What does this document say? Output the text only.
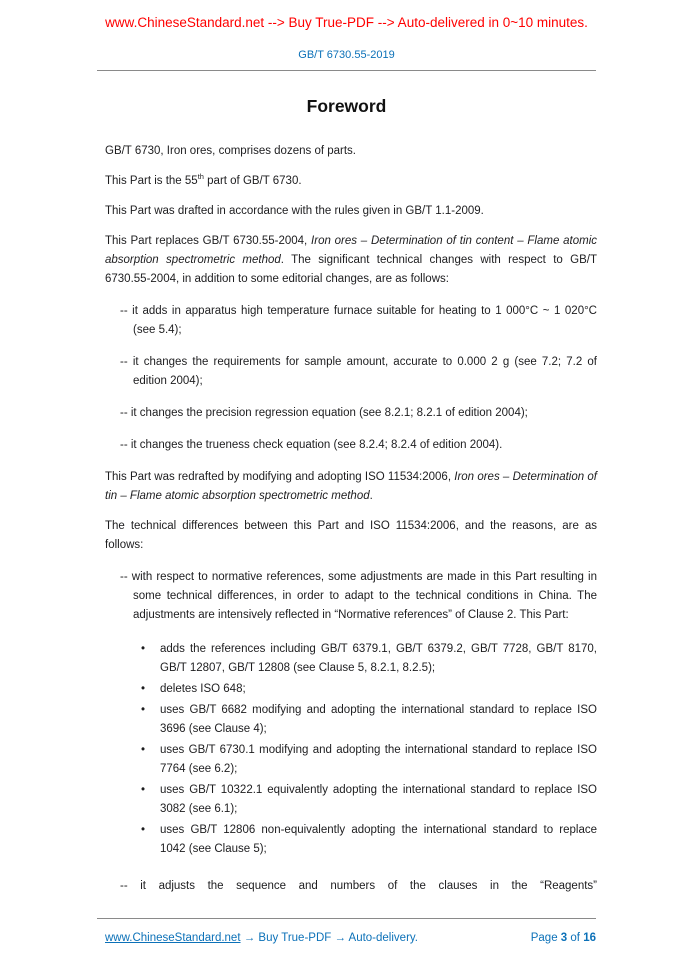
www.ChineseStandard.net --> Buy True-PDF --> Auto-delivered in 0~10 minutes.
GB/T 6730.55-2019
Foreword

GB/T 6730, Iron ores, comprises dozens of parts.

This Part is the 55th part of GB/T 6730.

This Part was drafted in accordance with the rules given in GB/T 1.1-2009.

This Part replaces GB/T 6730.55-2004, Iron ores – Determination of tin content – Flame atomic absorption spectrometric method. The significant technical changes with respect to GB/T 6730.55-2004, in addition to some editorial changes, are as follows:

-- it adds in apparatus high temperature furnace suitable for heating to 1 000°C ~ 1 020°C (see 5.4);

-- it changes the requirements for sample amount, accurate to 0.000 2 g (see 7.2; 7.2 of edition 2004);

-- it changes the precision regression equation (see 8.2.1; 8.2.1 of edition 2004);

-- it changes the trueness check equation (see 8.2.4; 8.2.4 of edition 2004).

This Part was redrafted by modifying and adopting ISO 11534:2006, Iron ores – Determination of tin – Flame atomic absorption spectrometric method.

The technical differences between this Part and ISO 11534:2006, and the reasons, are as follows:

-- with respect to normative references, some adjustments are made in this Part resulting in some technical differences, in order to adapt to the technical conditions in China. The adjustments are intensively reflected in “Normative references” of Clause 2. This Part:

•	adds the references including GB/T 6379.1, GB/T 6379.2, GB/T 7728, GB/T 8170, GB/T 12807, GB/T 12808 (see Clause 5, 8.2.1, 8.2.5);
•	deletes ISO 648;
•	uses GB/T 6682 modifying and adopting the international standard to replace ISO 3696 (see Clause 4);
•	uses GB/T 6730.1 modifying and adopting the international standard to replace ISO 7764 (see 6.2);
•	uses GB/T 10322.1 equivalently adopting the international standard to replace ISO 3082 (see 6.1);
•	uses GB/T 12806 non-equivalently adopting the international standard to replace 1042 (see Clause 5);

-- it adjusts the sequence and numbers of the clauses in the “Reagents”

www.ChineseStandard.net → Buy True-PDF → Auto-delivery.	Page 3 of 16
